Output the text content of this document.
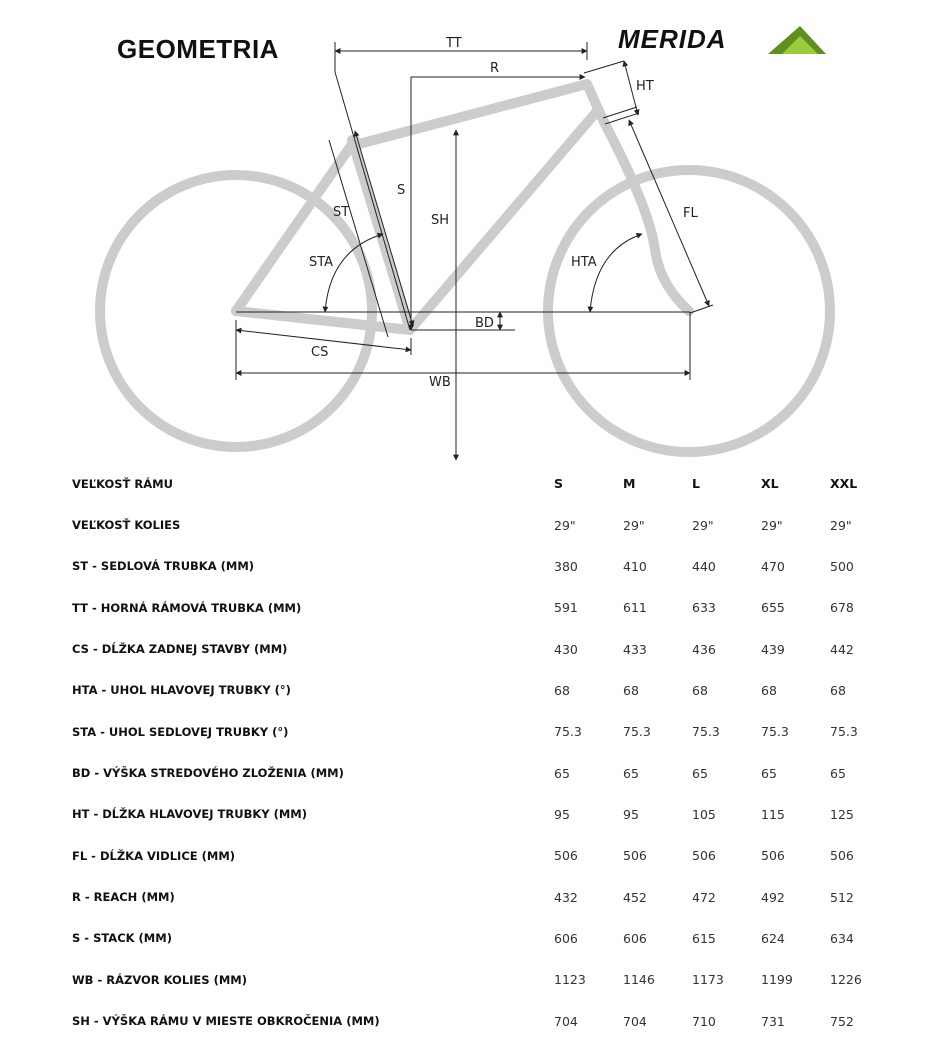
GEOMETRIA	MERIDA
TT
R
HT
S
SH
ST
STA
FL
HTA
BD
CS
WB
VEĽKOSŤ RÁMU	S	M	L	XL	XXL
VEĽKOSŤ KOLIES	29"	29"	29"	29"	29"
ST - SEDLOVÁ TRUBKA (MM)	380	410	440	470	500
TT - HORNÁ RÁMOVÁ TRUBKA (MM)	591	611	633	655	678
CS - DĹŽKA ZADNEJ STAVBY (MM)	430	433	436	439	442
HTA - UHOL HLAVOVEJ TRUBKY (°)	68	68	68	68	68
STA - UHOL SEDLOVEJ TRUBKY (°)	75.3	75.3	75.3	75.3	75.3
BD - VÝŠKA STREDOVÉHO ZLOŽENIA (MM)	65	65	65	65	65
HT - DĹŽKA HLAVOVEJ TRUBKY (MM)	95	95	105	115	125
FL - DĹŽKA VIDLICE (MM)	506	506	506	506	506
R - REACH (MM)	432	452	472	492	512
S - STACK (MM)	606	606	615	624	634
WB - RÁZVOR KOLIES (MM)	1123	1146	1173	1199	1226
SH - VÝŠKA RÁMU V MIESTE OBKROČENIA (MM)	704	704	710	731	752
